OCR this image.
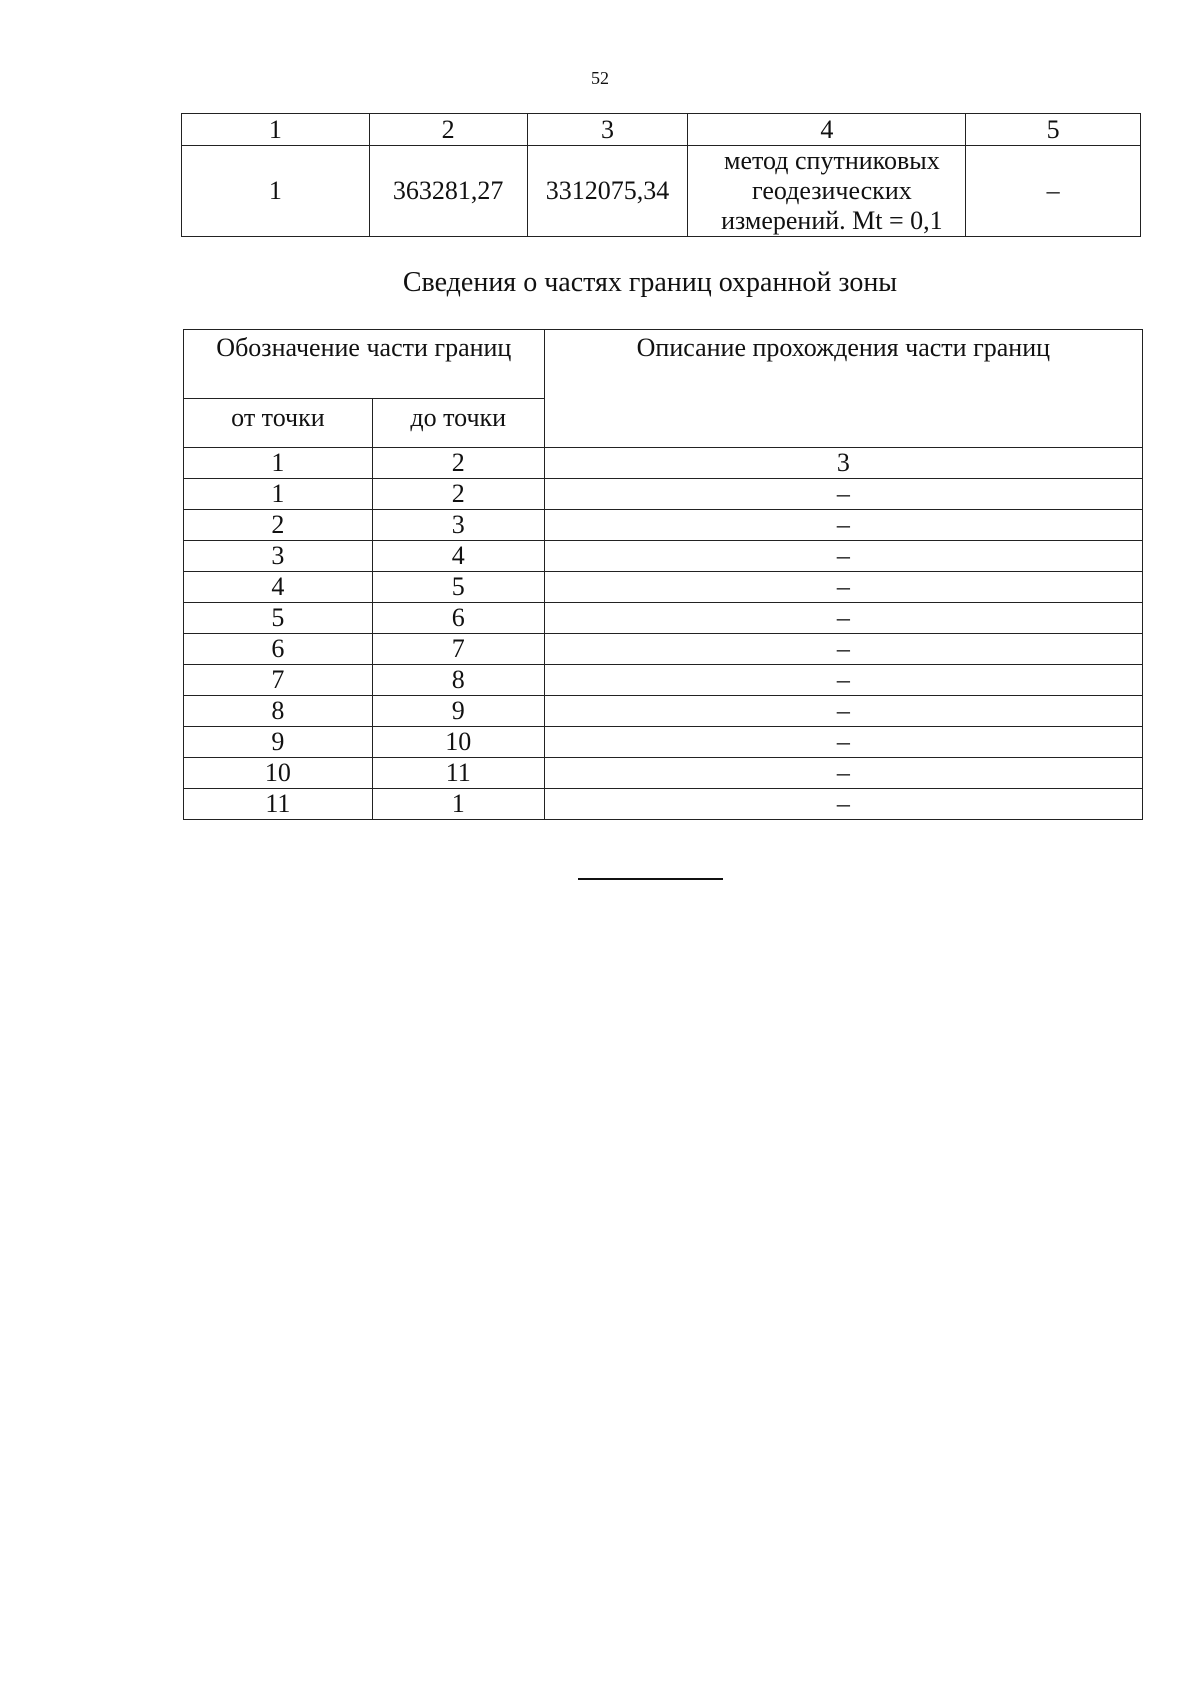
52
1	2	3	4	5
1	363281,27	3312075,34	метод спутниковых
геодезических
измерений. Mt = 0,1	–
Сведения о частях границ охранной зоны
Обозначение части границ		Описание прохождения части границ
от точки	до точки	
1	2	3
1	2	–
2	3	–
3	4	–
4	5	–
5	6	–
6	7	–
7	8	–
8	9	–
9	10	–
10	11	–
11	1	–
